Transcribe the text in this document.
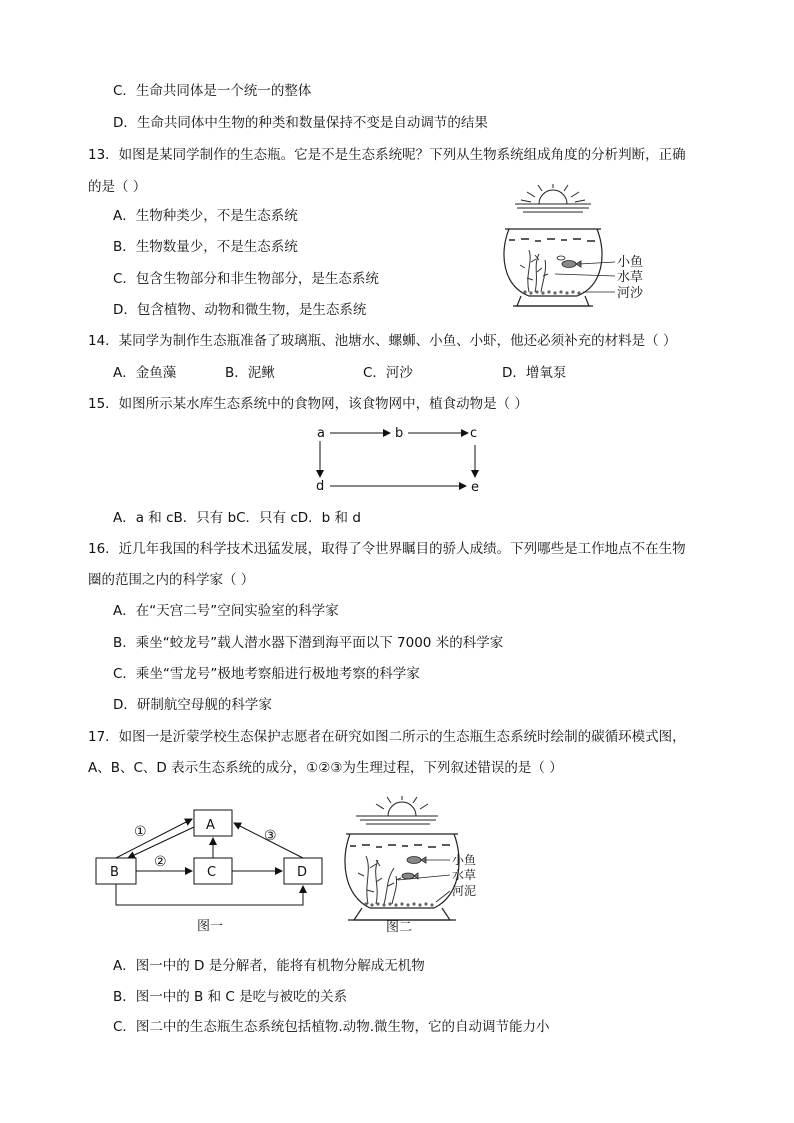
C．生命共同体是一个统一的整体
D．生命共同体中生物的种类和数量保持不变是自动调节的结果
13．如图是某同学制作的生态瓶。它是不是生态系统呢？下列从生物系统组成角度的分析判断，正确
的是（ ）
A．生物种类少，不是生态系统
B．生物数量少，不是生态系统
C．包含生物部分和非生物部分，是生态系统
D．包含植物、动物和微生物，是生态系统
小鱼
水草
河沙
14．某同学为制作生态瓶准备了玻璃瓶、池塘水、螺蛳、小鱼、小虾，他还必须补充的材料是（ ）
A．金鱼藻	B．泥鳅	C．河沙	D．增氧泵
15．如图所示某水库生态系统中的食物网，该食物网中，植食动物是（ ）
a	b	c
d	e
A．a 和 cB．只有 bC．只有 cD．b 和 d
16．近几年我国的科学技术迅猛发展，取得了令世界瞩目的骄人成绩。下列哪些是工作地点不在生物
圈的范围之内的科学家（ ）
A．在“天宫二号”空间实验室的科学家
B．乘坐“蛟龙号”载人潜水器下潜到海平面以下 7000 米的科学家
C．乘坐“雪龙号”极地考察船进行极地考察的科学家
D．研制航空母舰的科学家
17．如图一是沂蒙学校生态保护志愿者在研究如图二所示的生态瓶生态系统时绘制的碳循环模式图，
A、B、C、D 表示生态系统的成分，①②③为生理过程，下列叙述错误的是（ ）
A
B	C	D
①
②
③
图一
小鱼
水草
河泥
图二
A．图一中的 D 是分解者，能将有机物分解成无机物
B．图一中的 B 和 C 是吃与被吃的关系
C．图二中的生态瓶生态系统包括植物.动物.微生物，它的自动调节能力小
